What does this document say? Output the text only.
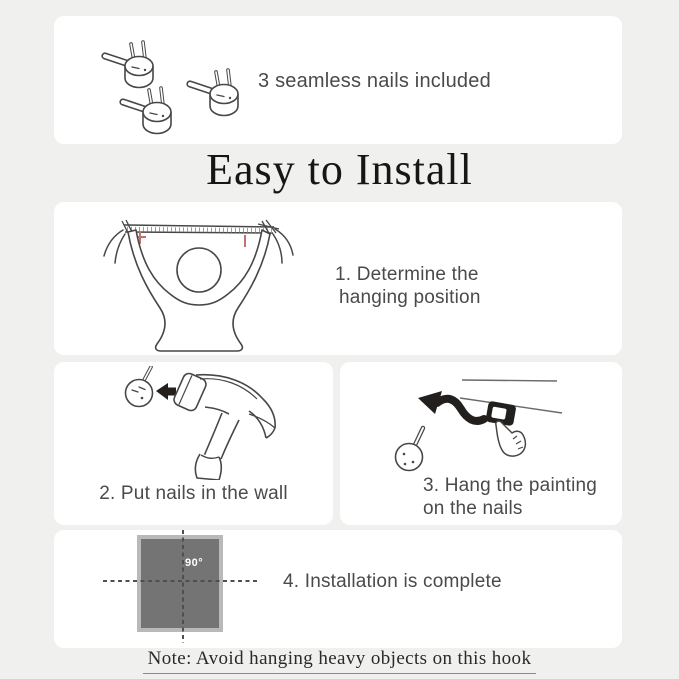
3 seamless nails included
Easy to Install
1. Determine the
hanging position
2. Put nails in the wall	3. Hang the painting
on the nails
90°
4. Installation is complete
Note: Avoid hanging heavy objects on this hook
